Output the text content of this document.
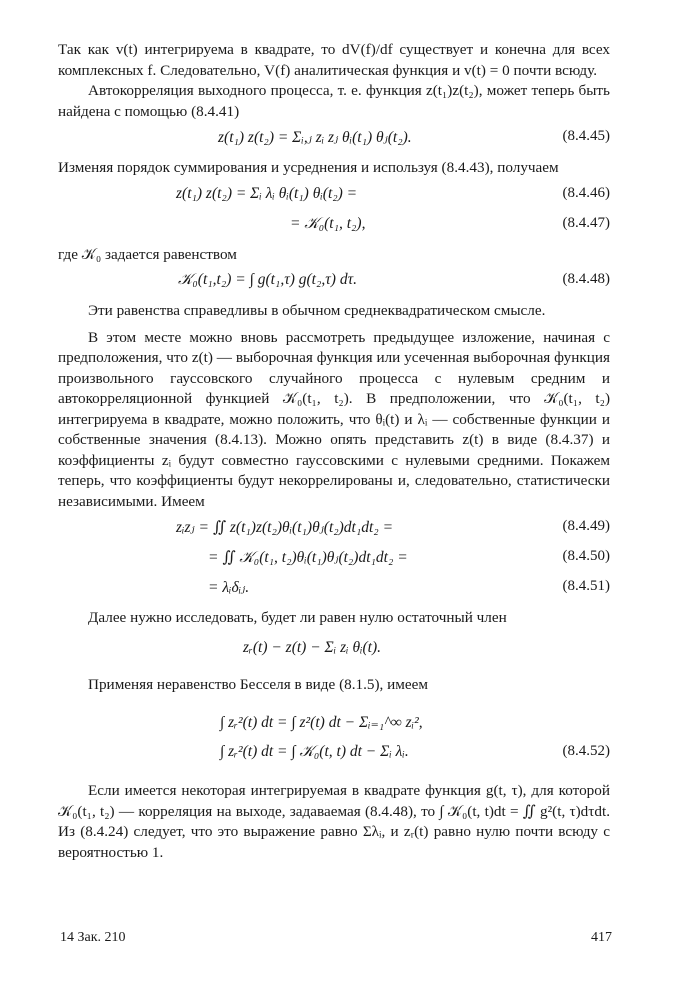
Так как v(t) интегрируема в квадрате, то dV(f)/df существует и конечна для всех комплексных f. Следовательно, V(f) аналитическая функция и v(t) = 0 почти всюду.

Автокорреляция выходного процесса, т. е. функция z(t₁)z(t₂), может теперь быть найдена с помощью (8.4.41)

z(t₁) z(t₂) = Σᵢ,ⱼ zᵢ zⱼ θᵢ(t₁) θⱼ(t₂).	(8.4.45)

Изменяя порядок суммирования и усреднения и используя (8.4.43), получаем

z(t₁) z(t₂) = Σᵢ λᵢ θᵢ(t₁) θᵢ(t₂) =	(8.4.46)
= 𝒦₀(t₁, t₂),	(8.4.47)

где 𝒦₀ задается равенством

𝒦₀(t₁,t₂) = ∫ g(t₁,τ) g(t₂,τ) dτ.	(8.4.48)

Эти равенства справедливы в обычном среднеквадратическом смысле.

В этом месте можно вновь рассмотреть предыдущее изложение, начиная с предположения, что z(t) — выборочная функция или усеченная выборочная функция произвольного гауссовского случайного процесса с нулевым средним и автокорреляционной функцией 𝒦₀(t₁, t₂). В предположении, что 𝒦₀(t₁, t₂) интегрируема в квадрате, можно положить, что θᵢ(t) и λᵢ — собственные функции и собственные значения (8.4.13). Можно опять представить z(t) в виде (8.4.37) и коэффициенты zᵢ будут совместно гауссовскими с нулевыми средними. Покажем теперь, что коэффициенты будут некоррелированы и, следовательно, статистически независимыми. Имеем

zᵢzⱼ = ∬ z(t₁)z(t₂)θᵢ(t₁)θⱼ(t₂)dt₁dt₂ =	(8.4.49)
= ∬ 𝒦₀(t₁, t₂)θᵢ(t₁)θⱼ(t₂)dt₁dt₂ =	(8.4.50)
= λᵢδᵢⱼ.	(8.4.51)

Далее нужно исследовать, будет ли равен нулю остаточный член

zᵣ(t) − z(t) − Σᵢ zᵢ θᵢ(t).

Применяя неравенство Бесселя в виде (8.1.5), имеем

∫ zᵣ²(t) dt = ∫ z²(t) dt − Σᵢ₌₁^∞ zᵢ²,
∫ zᵣ²(t) dt = ∫ 𝒦₀(t, t) dt − Σᵢ λᵢ.	(8.4.52)

Если имеется некоторая интегрируемая в квадрате функция g(t, τ), для которой 𝒦₀(t₁, t₂) — корреляция на выходе, задаваемая (8.4.48), то ∫ 𝒦₀(t, t)dt = ∬ g²(t, τ)dτdt. Из (8.4.24) следует, что это выражение равно Σλᵢ, и zᵣ(t) равно нулю почти всюду с вероятностью 1.

14 Зак. 210	417
